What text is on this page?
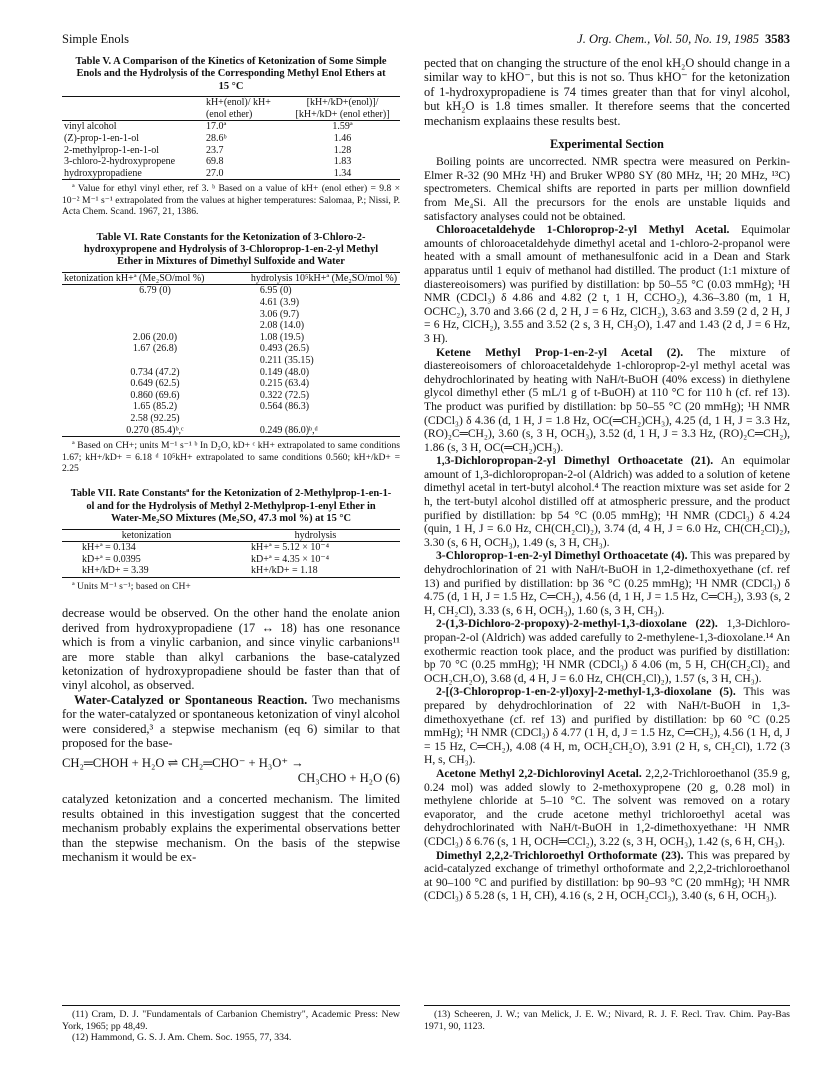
Simple Enols	J. Org. Chem., Vol. 50, No. 19, 1985 3583
Table V. A Comparison of the Kinetics of Ketonization of Some Simple Enols and the Hydrolysis of the Corresponding Methyl Enol Ethers at 15 °C
	kH+(enol)/ kH+(enol ether)	[kH+/kD+(enol)]/ [kH+/kD+ (enol ether)]

vinyl alcohol	17.0ª	1.59ª
(Z)-prop-1-en-1-ol	28.6ᵇ	1.46
2-methylprop-1-en-1-ol	23.7	1.28
3-chloro-2-hydroxypropene	69.8	1.83
hydroxypropadiene	27.0	1.34
ª Value for ethyl vinyl ether, ref 3. ᵇ Based on a value of kH+ (enol ether) = 9.8 × 10⁻² M⁻¹ s⁻¹ extrapolated from the values at higher temperatures: Salomaa, P.; Nissi, P. Acta Chem. Scand. 1967, 21, 1386.
Table VI. Rate Constants for the Ketonization of 3-Chloro-2-hydroxypropene and Hydrolysis of 3-Chloroprop-1-en-2-yl Methyl Ether in Mixtures of Dimethyl Sulfoxide and Water
ketonization kH+ª (Me₂SO/mol %)	hydrolysis 10⁵kH+ª (Me₂SO/mol %)

6.79 (0)	6.95 (0)
	4.61 (3.9)
	3.06 (9.7)
	2.08 (14.0)
2.06 (20.0)	1.08 (19.5)
1.67 (26.8)	0.493 (26.5)
	0.211 (35.15)
0.734 (47.2)	0.149 (48.0)
0.649 (62.5)	0.215 (63.4)
0.860 (69.6)	0.322 (72.5)
1.65 (85.2)	0.564 (86.3)
2.58 (92.25)	
0.270 (85.4)ᵇ,ᶜ	0.249 (86.0)ᵇ,ᵈ
ª Based on CH+; units M⁻¹ s⁻¹ ᵇ In D₂O, kD+ ᶜ kH+ extrapolated to same conditions 1.67; kH+/kD+ = 6.18 ᵈ 10⁵kH+ extrapolated to same conditions 0.560; kH+/kD+ = 2.25
Table VII. Rate Constantsª for the Ketonization of 2-Methylprop-1-en-1-ol and for the Hydrolysis of Methyl 2-Methylprop-1-enyl Ether in Water-Me₂SO Mixtures (Me₂SO, 47.3 mol %) at 15 °C
ketonization	hydrolysis

kH+ª = 0.134	kH+ª = 5.12 × 10⁻⁴
kD+ª = 0.0395	kD+ª = 4.35 × 10⁻⁴
kH+/kD+ = 3.39	kH+/kD+ = 1.18
ª Units M⁻¹ s⁻¹; based on CH+

decrease would be observed. On the other hand the enolate anion derived from hydroxypropadiene (17 ↔ 18) has one resonance which is from a vinylic carbanion, and since vinylic carbanions¹¹ are more stable than alkyl carbanions the base-catalyzed ketonization of hydroxypropadiene should be faster than that of vinyl alcohol, as observed.

Water-Catalyzed or Spontaneous Reaction. Two mechanisms for the water-catalyzed or spontaneous ketonization of vinyl alcohol were considered,³ a stepwise mechanism (eq 6) similar to that proposed for the base-

CH₂═CHOH + H₂O ⇌ CH₂═CHO⁻ + H₃O⁺ →
CH₃CHO + H₂O (6)

catalyzed ketonization and a concerted mechanism. The limited results obtained in this investigation suggest that the concerted mechanism probably explains the experimental observations better than the stepwise mechanism. On the basis of the stepwise mechanism it would be ex-

pected that on changing the structure of the enol kH₂O should change in a similar way to kHO⁻, but this is not so. Thus kHO⁻ for the ketonization of 1-hydroxypropadiene is 74 times greater than that for vinyl alcohol, but kH₂O is 1.8 times smaller. It therefore seems that the concerted mechanism explaains these results best.

Experimental Section

Boiling points are uncorrected. NMR spectra were measured on Perkin-Elmer R-32 (90 MHz ¹H) and Bruker WP80 SY (80 MHz, ¹H; 20 MHz, ¹³C) spectrometers. Chemical shifts are reported in parts per million downfield from Me₄Si. All the precursors for the enols are unstable liquids and satisfactory analyses could not be obtained.

Chloroacetaldehyde 1-Chloroprop-2-yl Methyl Acetal. Equimolar amounts of chloroacetaldehyde dimethyl acetal and 1-chloro-2-propanol were heated with a small amount of methanesulfonic acid in a Dean and Stark apparatus until 1 equiv of methanol had distilled. The product (1:1 mixture of diastereoisomers) was purified by distillation: bp 50–55 °C (0.03 mmHg); ¹H NMR (CDCl₃) δ 4.86 and 4.82 (2 t, 1 H, CCHO₂), 4.36–3.80 (m, 1 H, OCHC₂), 3.70 and 3.66 (2 d, 2 H, J = 6 Hz, ClCH₂), 3.63 and 3.59 (2 d, 2 H, J = 6 Hz, ClCH₂), 3.55 and 3.52 (2 s, 3 H, CH₃O), 1.47 and 1.43 (2 d, J = 6 Hz, 3 H).

Ketene Methyl Prop-1-en-2-yl Acetal (2). The mixture of diastereoisomers of chloroacetaldehyde 1-chloroprop-2-yl methyl acetal was dehydrochlorinated by heating with NaH/t-BuOH (40% excess) in diethylene glycol dimethyl ether (5 mL/1 g of t-BuOH) at 110 °C for 110 h (cf. ref 13). The product was purified by distillation: bp 50–55 °C (20 mmHg); ¹H NMR (CDCl₃) δ 4.36 (d, 1 H, J = 1.8 Hz, OC(═CH₂)CH₃), 4.25 (d, 1 H, J = 3.3 Hz, (RO)₂C═CH₂), 3.60 (s, 3 H, OCH₃), 3.52 (d, 1 H, J = 3.3 Hz, (RO)₂C═CH₂), 1.86 (s, 3 H, OC(═CH₂)CH₃).

1,3-Dichloropropan-2-yl Dimethyl Orthoacetate (21). An equimolar amount of 1,3-dichloropropan-2-ol (Aldrich) was added to a solution of ketene dimethyl acetal in tert-butyl alcohol.⁴ The reaction mixture was set aside for 2 h, the tert-butyl alcohol distilled off at atmospheric pressure, and the product purified by distillation: bp 54 °C (0.05 mmHg); ¹H NMR (CDCl₃) δ 4.24 (quin, 1 H, J = 6.0 Hz, CH(CH₂Cl)₂), 3.74 (d, 4 H, J = 6.0 Hz, CH(CH₂Cl)₂), 3.30 (s, 6 H, OCH₃), 1.49 (s, 3 H, CH₃).

3-Chloroprop-1-en-2-yl Dimethyl Orthoacetate (4). This was prepared by dehydrochlorination of 21 with NaH/t-BuOH in 1,2-dimethoxyethane (cf. ref 13) and purified by distillation: bp 36 °C (0.25 mmHg); ¹H NMR (CDCl₃) δ 4.75 (d, 1 H, J = 1.5 Hz, C═CH₂), 4.56 (d, 1 H, J = 1.5 Hz, C═CH₂), 3.93 (s, 2 H, CH₂Cl), 3.33 (s, 6 H, OCH₃), 1.60 (s, 3 H, CH₃).

2-(1,3-Dichloro-2-propoxy)-2-methyl-1,3-dioxolane (22). 1,3-Dichloro-propan-2-ol (Aldrich) was added carefully to 2-methylene-1,3-dioxolane.¹⁴ An exothermic reaction took place, and the product was purified by distillation: bp 70 °C (0.25 mmHg); ¹H NMR (CDCl₃) δ 4.06 (m, 5 H, CH(CH₂Cl)₂ and OCH₂CH₂O), 3.68 (d, 4 H, J = 6.0 Hz, CH(CH₂Cl)₂), 1.57 (s, 3 H, CH₃).

2-[(3-Chloroprop-1-en-2-yl)oxy]-2-methyl-1,3-dioxolane (5). This was prepared by dehydrochlorination of 22 with NaH/t-BuOH in 1,3-dimethoxyethane (cf. ref 13) and purified by distillation: bp 60 °C (0.25 mmHg); ¹H NMR (CDCl₃) δ 4.77 (1 H, d, J = 1.5 Hz, C═CH₂), 4.56 (1 H, d, J = 15 Hz, C═CH₂), 4.08 (4 H, m, OCH₂CH₂O), 3.91 (2 H, s, CH₂Cl), 1.72 (3 H, s, CH₃).

Acetone Methyl 2,2-Dichlorovinyl Acetal. 2,2,2-Trichloroethanol (35.9 g, 0.24 mol) was added slowly to 2-methoxypropene (20 g, 0.28 mol) in methylene chloride at 5–10 °C. The solvent was removed on a rotary evaporator, and the crude acetone methyl trichloroethyl acetal was dehydrochlorinated with NaH/t-BuOH in 1,2-dimethoxyethane: ¹H NMR (CDCl₃) δ 6.76 (s, 1 H, OCH═CCl₂), 3.22 (s, 3 H, OCH₃), 1.42 (s, 6 H, CH₃).

Dimethyl 2,2,2-Trichloroethyl Orthoformate (23). This was prepared by acid-catalyzed exchange of trimethyl orthoformate and 2,2,2-trichloroethanol at 90–100 °C and purified by distillation: bp 90–93 °C (20 mmHg); ¹H NMR (CDCl₃) δ 5.28 (s, 1 H, CH), 4.16 (s, 2 H, OCH₂CCl₃), 3.40 (s, 6 H, OCH₃).

(11) Cram, D. J. "Fundamentals of Carbanion Chemistry", Academic Press: New York, 1965; pp 48,49.
(12) Hammond, G. S. J. Am. Chem. Soc. 1955, 77, 334.
(13) Scheeren, J. W.; van Melick, J. E. W.; Nivard, R. J. F. Recl. Trav. Chim. Pay-Bas 1971, 90, 1123.
